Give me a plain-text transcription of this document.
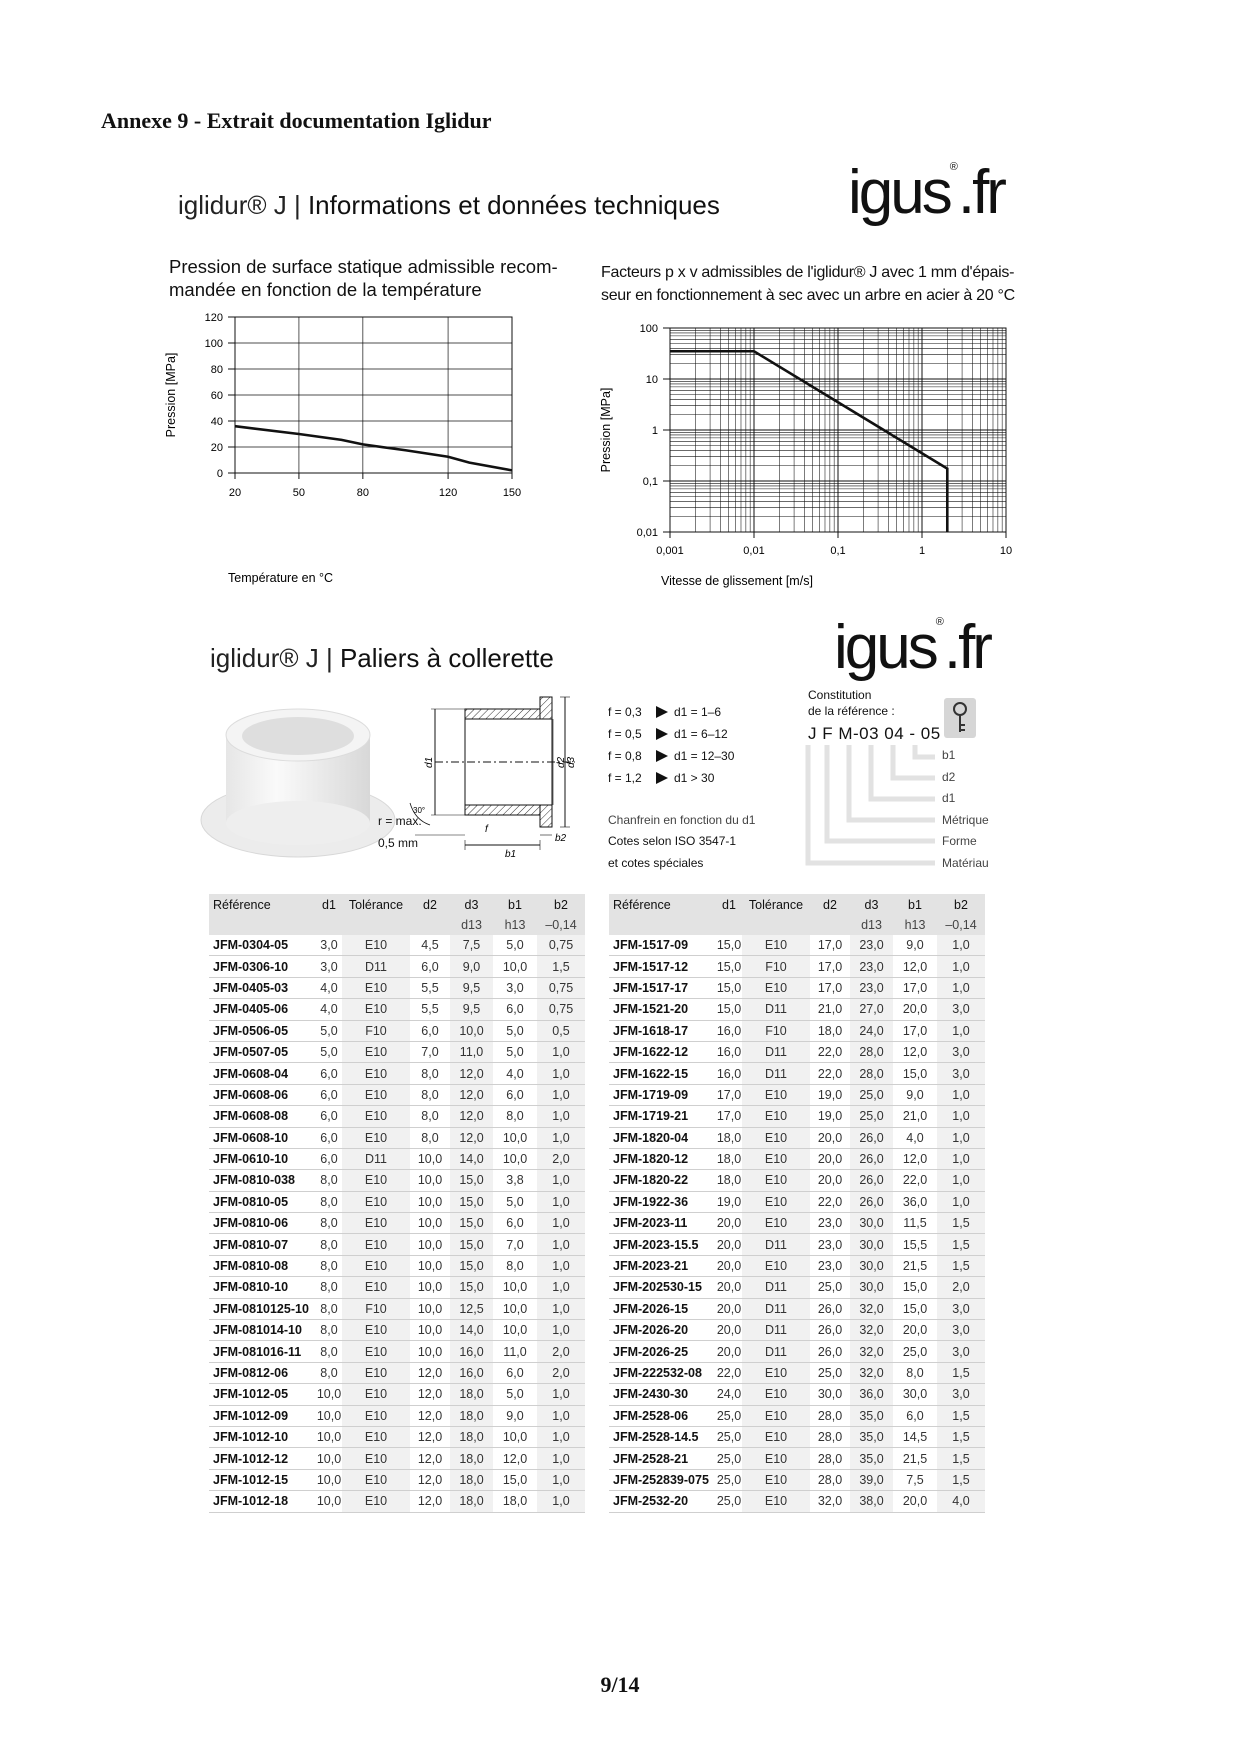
Annexe 9 - Extrait documentation Iglidur
iglidur® J | Informations et données techniques igus®.fr
Pression de surface statique admissible recom-
mandée en fonction de la température
Facteurs p x v admissibles de l'iglidur® J avec 1 mm d'épais-
seur en fonctionnement à sec avec un arbre en acier à 20 °C
0
20
40
60
80
100
120
20	50	80	120	150
Température en °C
Pression [MPa]
0,01
0,1
1
10
100
0,001	0,01	0,1	1	10
Vitesse de glissement [m/s]
Pression [MPa]
iglidur® J | Paliers à collerette	igus®.fr
d1	d2 d3
f
b1
b2
30°
r = max.
0,5 mm
f = 0,3	d1 = 1–6
f = 0,5	d1 = 6–12
f = 0,8	d1 = 12–30
f = 1,2	d1 > 30
Chanfrein en fonction du d1
Cotes selon ISO 3547-1
et cotes spéciales
Constitution
de la référence :
J F M-03 04 - 05
b1
d2
d1
Métrique
Forme
Matériau
Référence	d1	Tolérance	d2	d3	b1	b2
				d13	h13	–0,14
JFM-0304-05	3,0	E10	4,5	7,5	5,0	0,75
JFM-0306-10	3,0	D11	6,0	9,0	10,0	1,5
JFM-0405-03	4,0	E10	5,5	9,5	3,0	0,75
JFM-0405-06	4,0	E10	5,5	9,5	6,0	0,75
JFM-0506-05	5,0	F10	6,0	10,0	5,0	0,5
JFM-0507-05	5,0	E10	7,0	11,0	5,0	1,0
JFM-0608-04	6,0	E10	8,0	12,0	4,0	1,0
JFM-0608-06	6,0	E10	8,0	12,0	6,0	1,0
JFM-0608-08	6,0	E10	8,0	12,0	8,0	1,0
JFM-0608-10	6,0	E10	8,0	12,0	10,0	1,0
JFM-0610-10	6,0	D11	10,0	14,0	10,0	2,0
JFM-0810-038	8,0	E10	10,0	15,0	3,8	1,0
JFM-0810-05	8,0	E10	10,0	15,0	5,0	1,0
JFM-0810-06	8,0	E10	10,0	15,0	6,0	1,0
JFM-0810-07	8,0	E10	10,0	15,0	7,0	1,0
JFM-0810-08	8,0	E10	10,0	15,0	8,0	1,0
JFM-0810-10	8,0	E10	10,0	15,0	10,0	1,0
JFM-0810125-10	8,0	F10	10,0	12,5	10,0	1,0
JFM-081014-10	8,0	E10	10,0	14,0	10,0	1,0
JFM-081016-11	8,0	E10	10,0	16,0	11,0	2,0
JFM-0812-06	8,0	E10	12,0	16,0	6,0	2,0
JFM-1012-05	10,0	E10	12,0	18,0	5,0	1,0
JFM-1012-09	10,0	E10	12,0	18,0	9,0	1,0
JFM-1012-10	10,0	E10	12,0	18,0	10,0	1,0
JFM-1012-12	10,0	E10	12,0	18,0	12,0	1,0
JFM-1012-15	10,0	E10	12,0	18,0	15,0	1,0
JFM-1012-18	10,0	E10	12,0	18,0	18,0	1,0
Référence	d1	Tolérance	d2	d3	b1	b2
				d13	h13	–0,14
JFM-1517-09	15,0	E10	17,0	23,0	9,0	1,0
JFM-1517-12	15,0	F10	17,0	23,0	12,0	1,0
JFM-1517-17	15,0	E10	17,0	23,0	17,0	1,0
JFM-1521-20	15,0	D11	21,0	27,0	20,0	3,0
JFM-1618-17	16,0	F10	18,0	24,0	17,0	1,0
JFM-1622-12	16,0	D11	22,0	28,0	12,0	3,0
JFM-1622-15	16,0	D11	22,0	28,0	15,0	3,0
JFM-1719-09	17,0	E10	19,0	25,0	9,0	1,0
JFM-1719-21	17,0	E10	19,0	25,0	21,0	1,0
JFM-1820-04	18,0	E10	20,0	26,0	4,0	1,0
JFM-1820-12	18,0	E10	20,0	26,0	12,0	1,0
JFM-1820-22	18,0	E10	20,0	26,0	22,0	1,0
JFM-1922-36	19,0	E10	22,0	26,0	36,0	1,0
JFM-2023-11	20,0	E10	23,0	30,0	11,5	1,5
JFM-2023-15.5	20,0	D11	23,0	30,0	15,5	1,5
JFM-2023-21	20,0	E10	23,0	30,0	21,5	1,5
JFM-202530-15	20,0	D11	25,0	30,0	15,0	2,0
JFM-2026-15	20,0	D11	26,0	32,0	15,0	3,0
JFM-2026-20	20,0	D11	26,0	32,0	20,0	3,0
JFM-2026-25	20,0	D11	26,0	32,0	25,0	3,0
JFM-222532-08	22,0	E10	25,0	32,0	8,0	1,5
JFM-2430-30	24,0	E10	30,0	36,0	30,0	3,0
JFM-2528-06	25,0	E10	28,0	35,0	6,0	1,5
JFM-2528-14.5	25,0	E10	28,0	35,0	14,5	1,5
JFM-2528-21	25,0	E10	28,0	35,0	21,5	1,5
JFM-252839-075	25,0	E10	28,0	39,0	7,5	1,5
JFM-2532-20	25,0	E10	32,0	38,0	20,0	4,0
9/14
